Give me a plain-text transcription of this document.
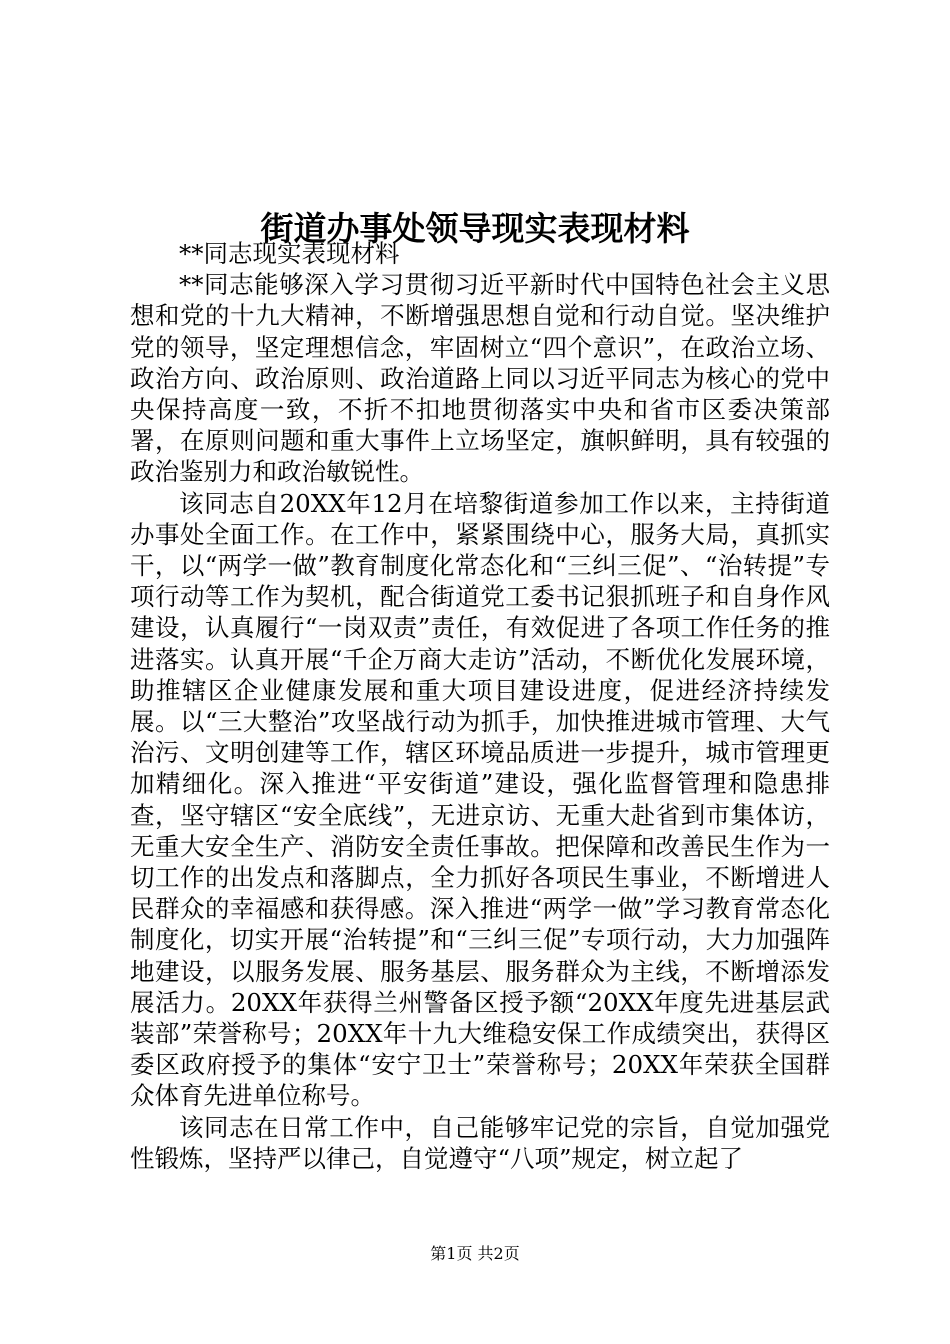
街道办事处领导现实表现材料

**同志现实表现材料

**同志能够深入学习贯彻习近平新时代中国特色社会主义思想和党的十九大精神，不断增强思想自觉和行动自觉。坚决维护党的领导，坚定理想信念，牢固树立“四个意识”，在政治立场、政治方向、政治原则、政治道路上同以习近平同志为核心的党中央保持高度一致，不折不扣地贯彻落实中央和省市区委决策部署，在原则问题和重大事件上立场坚定，旗帜鲜明，具有较强的政治鉴别力和政治敏锐性。

该同志自20XX年12月在培黎街道参加工作以来，主持街道办事处全面工作。在工作中，紧紧围绕中心，服务大局，真抓实干，以“两学一做”教育制度化常态化和“三纠三促”、“治转提”专项行动等工作为契机，配合街道党工委书记狠抓班子和自身作风建设，认真履行“一岗双责”责任，有效促进了各项工作任务的推进落实。认真开展“千企万商大走访”活动，不断优化发展环境，助推辖区企业健康发展和重大项目建设进度，促进经济持续发展。以“三大整治”攻坚战行动为抓手，加快推进城市管理、大气治污、文明创建等工作，辖区环境品质进一步提升，城市管理更加精细化。深入推进“平安街道”建设，强化监督管理和隐患排查，坚守辖区“安全底线”，无进京访、无重大赴省到市集体访，无重大安全生产、消防安全责任事故。把保障和改善民生作为一切工作的出发点和落脚点，全力抓好各项民生事业，不断增进人民群众的幸福感和获得感。深入推进“两学一做”学习教育常态化制度化，切实开展“治转提”和“三纠三促”专项行动，大力加强阵地建设，以服务发展、服务基层、服务群众为主线，不断增添发展活力。20XX年获得兰州警备区授予额“20XX年度先进基层武装部”荣誉称号；20XX年十九大维稳安保工作成绩突出，获得区委区政府授予的集体“安宁卫士”荣誉称号；20XX年荣获全国群众体育先进单位称号。

该同志在日常工作中，自己能够牢记党的宗旨，自觉加强党性锻炼，坚持严以律己，自觉遵守“八项”规定，树立起了

第1页 共2页
